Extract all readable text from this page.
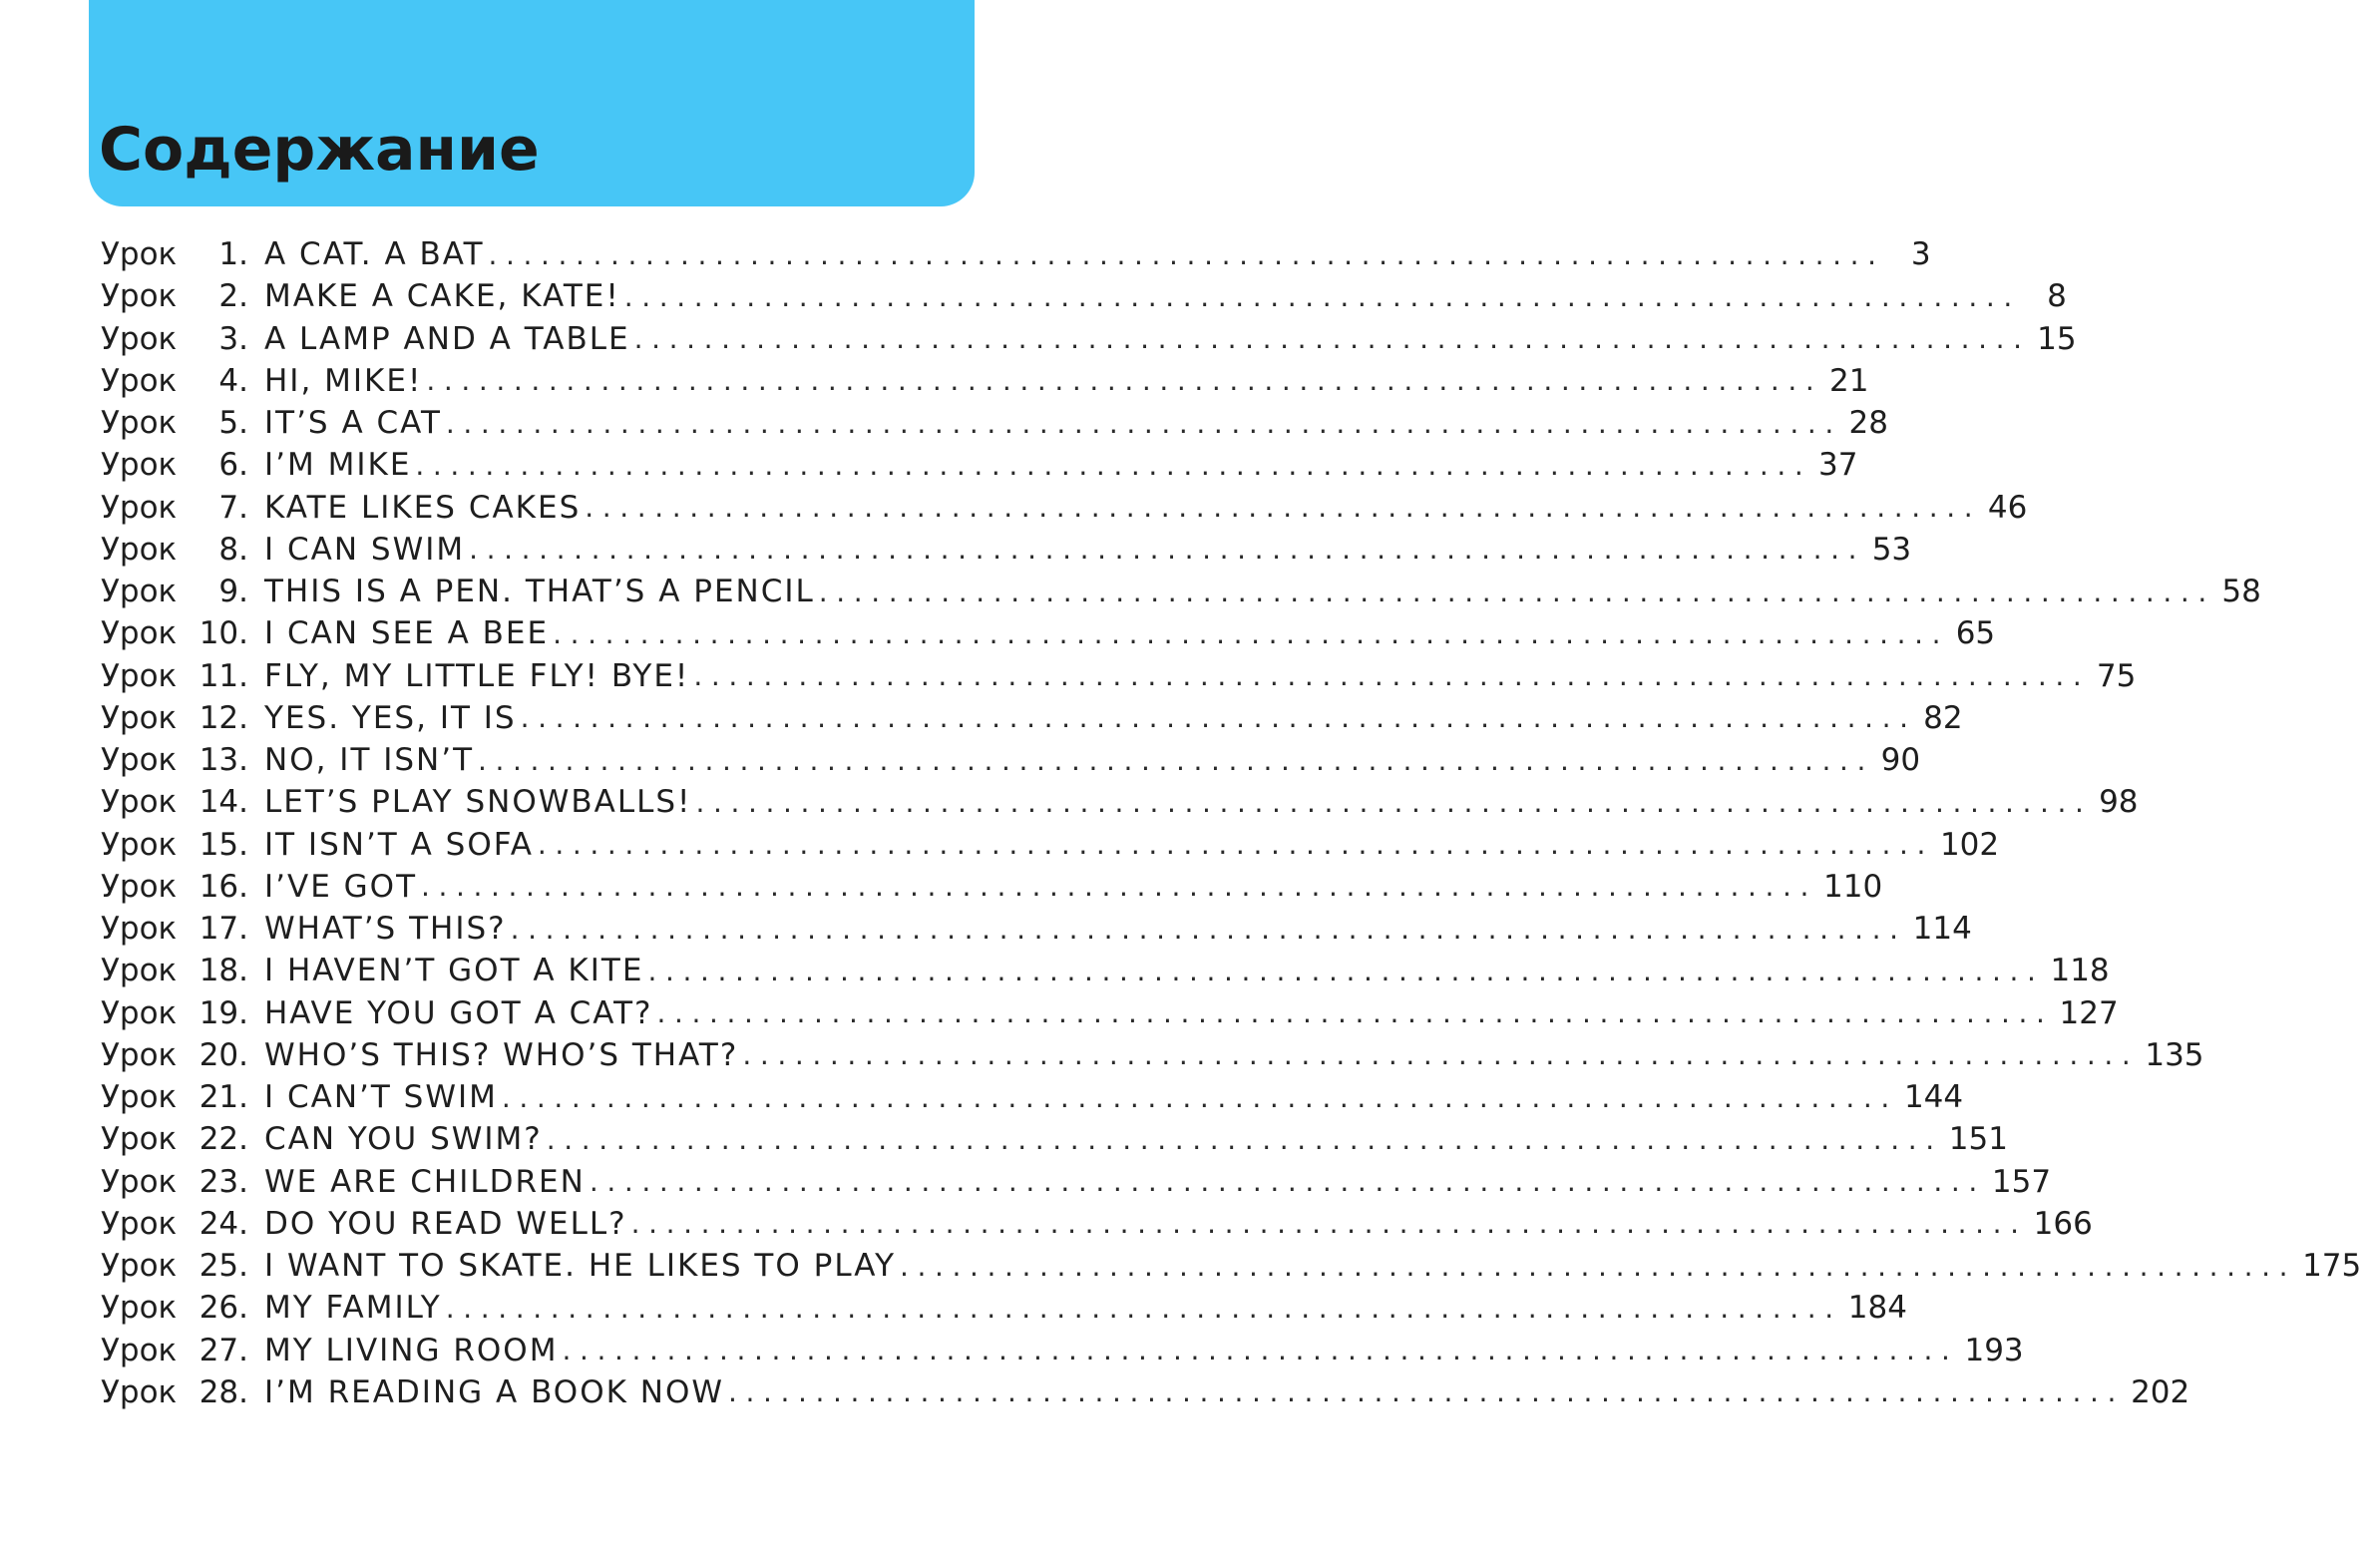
Содержание
Урок	1 . A CAT. A BAT ................................................................................ 3
Урок	2 . MAKE A CAKE, KATE! ................................................................................ 8
Урок	3 . A LAMP AND A TABLE ................................................................................ 15
Урок	4 . HI, MIKE! ................................................................................ 21
Урок	5 . IT’S A CAT ................................................................................ 28
Урок	6 . I’M MIKE ................................................................................ 37
Урок	7 . KATE LIKES CAKES ................................................................................ 46
Урок	8 . I CAN SWIM ................................................................................ 53
Урок	9 . THIS IS A PEN. THAT’S A PENCIL ................................................................................ 58
Урок 10 . I CAN SEE A BEE ................................................................................ 65
Урок 11 . FLY, MY LITTLE FLY! BYE! ................................................................................ 75
Урок 12 . YES. YES, IT IS ................................................................................ 82
Урок 13 . NO, IT ISN’T ................................................................................ 90
Урок 14 . LET’S PLAY SNOWBALLS! ................................................................................ 98
Урок 15 . IT ISN’T A SOFA ................................................................................ 102
Урок 16 . I’VE GOT ................................................................................ 110
Урок 17 . WHAT’S THIS? ................................................................................ 114
Урок 18 . I HAVEN’T GOT A KITE ................................................................................ 118
Урок 19 . HAVE YOU GOT A CAT? ................................................................................ 127
Урок 20 . WHO’S THIS? WHO’S THAT? ................................................................................ 135
Урок 21 . I CAN’T SWIM ................................................................................ 144
Урок 22 . CAN YOU SWIM? ................................................................................ 151
Урок 23 . WE ARE CHILDREN ................................................................................ 157
Урок 24 . DO YOU READ WELL? ................................................................................ 166
Урок 25 . I WANT TO SKATE. HE LIKES TO PLAY ................................................................................ 175
Урок 26 . MY FAMILY ................................................................................ 184
Урок 27 . MY LIVING ROOM ................................................................................ 193
Урок 28 . I’M READING A BOOK NOW ................................................................................ 202
